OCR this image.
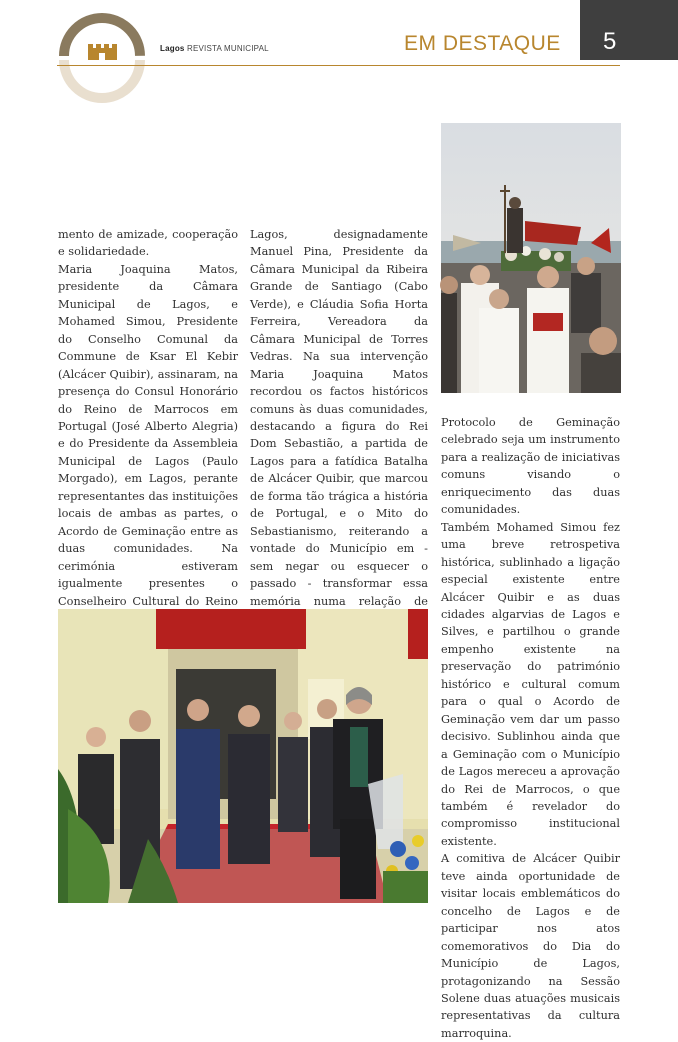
Lagos REVISTA MUNICIPAL	EM DESTAQUE 5

mento de amizade, cooperação e solidariedade.

Maria Joaquina Matos, presidente da Câmara Municipal de Lagos, e Mohamed Simou, Presidente do Conselho Comunal da Commune de Ksar El Kebir (Alcácer Quibir), assinaram, na presença do Consul Honorário do Reino de Marrocos em Portugal (José Alberto Alegria) e do Presidente da Assembleia Municipal de Lagos (Paulo Morgado), em Lagos, perante representantes das instituições locais de ambas as partes, o Acordo de Geminação entre as duas comunidades. Na cerimónia estiveram igualmente presentes o Conselheiro Cultural do Reino

Lagos, designadamente Manuel Pina, Presidente da Câmara Municipal da Ribeira Grande de Santiago (Cabo Verde), e Cláudia Sofia Horta Ferreira, Vereadora da Câmara Municipal de Torres Vedras. Na sua intervenção Maria Joaquina Matos recordou os factos históricos comuns às duas comunidades, destacando a figura do Rei Dom Sebastião, a partida de Lagos para a fatídica Batalha de Alcácer Quibir, que marcou de forma tão trágica a história de Portugal, e o Mito do Sebastianismo, reiterando a vontade do Município em - sem negar ou esquecer o passado - transformar essa memória numa relação de

Protocolo de Geminação celebrado seja um instrumento para a realização de iniciativas comuns visando o enriquecimento das duas comunidades.

Também Mohamed Simou fez uma breve retrospetiva histórica, sublinhado a ligação especial existente entre Alcácer Quibir e as duas cidades algarvias de Lagos e Silves, e partilhou o grande empenho existente na preservação do património histórico e cultural comum para o qual o Acordo de Geminação vem dar um passo decisivo. Sublinhou ainda que a Geminação com o Município de Lagos mereceu a aprovação do Rei de Marrocos, o que também é revelador do compromisso institucional existente.

A comitiva de Alcácer Quibir teve ainda oportunidade de visitar locais emblemáticos do concelho de Lagos e de participar nos atos comemorativos do Dia do Município de Lagos, protagonizando na Sessão Solene duas atuações musicais representativas da cultura marroquina.
